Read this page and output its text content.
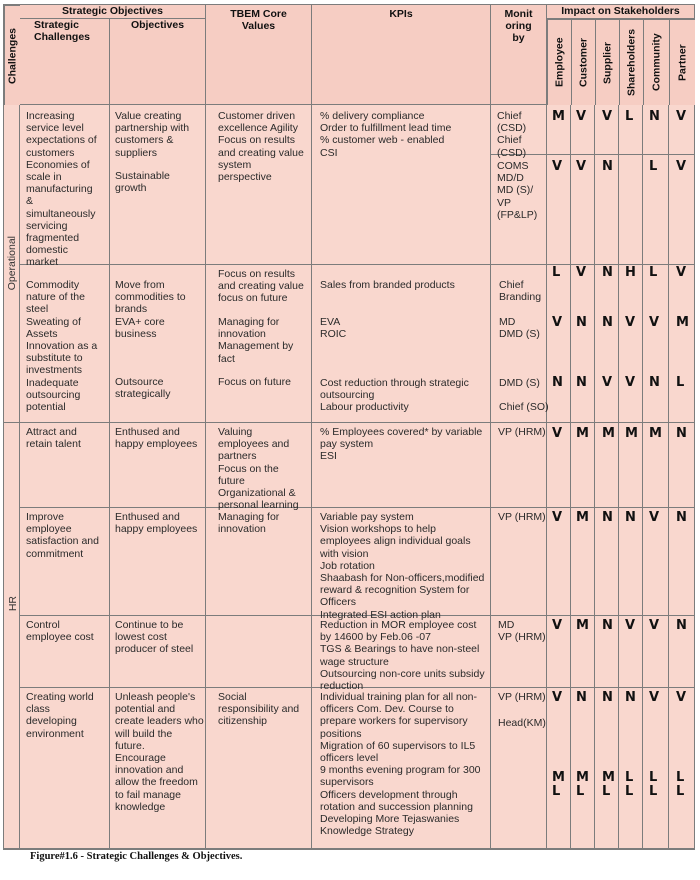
Challenges
Strategic Objectives
Strategic
Challenges
Objectives
TBEM Core
Values
KPIs	Monit
oring
by
Impact on Stakeholders
Employee Customer Supplier Shareholders Community Partner
Operational
HR
M V V L N V
V V N	L V
L V N H L V
V N N V V M
N N V V N L
V M M M M N
V M N N V N
V M N V V N
V N N N V V
M
L
M
L
M
L
L
L
L
L
L
L
Increasing
service level
expectations of
customers
Economies of
scale in
manufacturing
&
simultaneously
servicing
fragmented
domestic
market
Value creating
partnership with
customers &
suppliers
Sustainable
growth
Customer driven
excellence Agility
Focus on results
and creating value
system
perspective
% delivery compliance
Order to fulfillment lead time
% customer web - enabled
CSI
Chief
(CSD)
Chief
(CSD)
COMS
MD/D
MD (S)/
VP
(FP&LP)
Commodity
nature of the
steel
Sweating of
Assets
Innovation as a
substitute to
investments
Inadequate
outsourcing
potential
Move from
commodities to
brands
EVA+ core
business
Outsource
strategically
Focus on results
and creating value
focus on future
Managing for
innovation
Management by
fact
Focus on future
Sales from branded products
EVA
ROIC
Cost reduction through strategic
outsourcing
Labour productivity
Chief
Branding
MD
DMD (S)
DMD (S)
Chief (SO)
Attract and
retain talent
Enthused and
happy employees
Valuing
employees and
partners
Focus on the
future
Organizational &
personal learning
% Employees covered* by variable
pay system
ESI
VP (HRM)
Improve
employee
satisfaction and
commitment
Enthused and
happy employees
Managing for
innovation
Variable pay system
Vision workshops to help
employees align individual goals
with vision
Job rotation
Shaabash for Non-officers,modified
reward & recognition System for
Officers
Integrated ESI action plan
VP (HRM)
Control
employee cost
Continue to be
lowest cost
producer of steel
Reduction in MOR employee cost
by 14600 by Feb.06 -07
TGS & Bearings to have non-steel
wage structure
Outsourcing non-core units subsidy
reduction
MD
VP (HRM)
Creating world
class
developing
environment
Unleash people's
potential and
create leaders who
will build the
future.
Encourage
innovation and
allow the freedom
to fail manage
knowledge
Social
responsibility and
citizenship
Individual training plan for all non-
officers Com. Dev. Course to
prepare workers for supervisory
positions
Migration of 60 supervisors to IL5
officers level
9 months evening program for 300
supervisors
Officers development through
rotation and succession planning
Developing More Tejaswanies
Knowledge Strategy
VP (HRM)
Head(KM)
Figure#1.6 - Strategic Challenges & Objectives.
